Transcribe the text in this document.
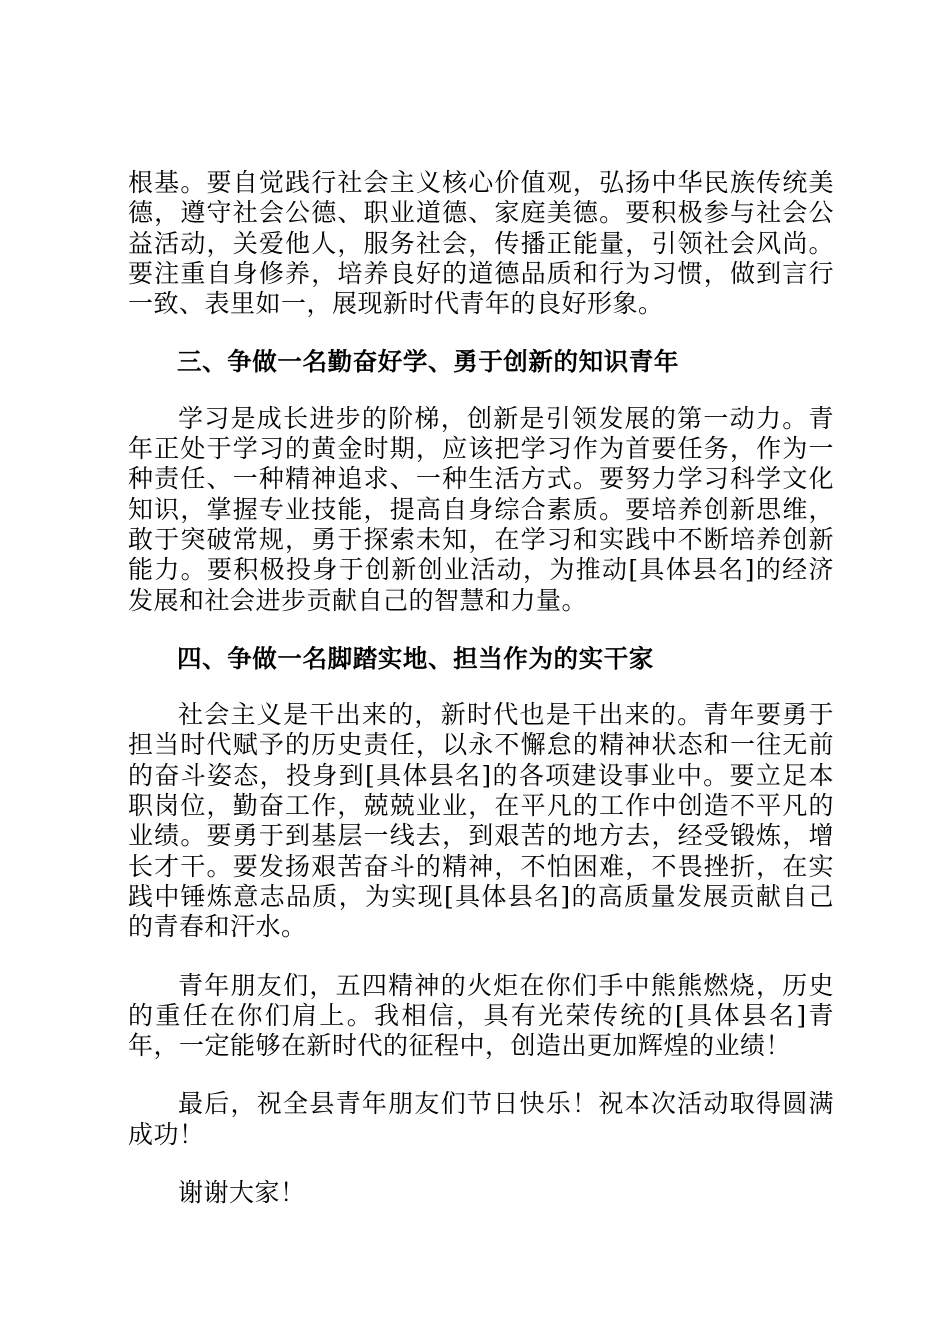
根基。要自觉践行社会主义核心价值观，弘扬中华民族传统美德，遵守社会公德、职业道德、家庭美德。要积极参与社会公益活动，关爱他人，服务社会，传播正能量，引领社会风尚。要注重自身修养，培养良好的道德品质和行为习惯，做到言行一致、表里如一，展现新时代青年的良好形象。

三、争做一名勤奋好学、勇于创新的知识青年

学习是成长进步的阶梯，创新是引领发展的第一动力。青年正处于学习的黄金时期，应该把学习作为首要任务，作为一种责任、一种精神追求、一种生活方式。要努力学习科学文化知识，掌握专业技能，提高自身综合素质。要培养创新思维，敢于突破常规，勇于探索未知，在学习和实践中不断培养创新能力。要积极投身于创新创业活动，为推动[具体县名]的经济发展和社会进步贡献自己的智慧和力量。

四、争做一名脚踏实地、担当作为的实干家

社会主义是干出来的，新时代也是干出来的。青年要勇于担当时代赋予的历史责任，以永不懈怠的精神状态和一往无前的奋斗姿态，投身到[具体县名]的各项建设事业中。要立足本职岗位，勤奋工作，兢兢业业，在平凡的工作中创造不平凡的业绩。要勇于到基层一线去，到艰苦的地方去，经受锻炼，增长才干。要发扬艰苦奋斗的精神，不怕困难，不畏挫折，在实践中锤炼意志品质，为实现[具体县名]的高质量发展贡献自己的青春和汗水。

青年朋友们，五四精神的火炬在你们手中熊熊燃烧，历史的重任在你们肩上。我相信，具有光荣传统的[具体县名]青年，一定能够在新时代的征程中，创造出更加辉煌的业绩！

最后，祝全县青年朋友们节日快乐！祝本次活动取得圆满成功！

谢谢大家！
